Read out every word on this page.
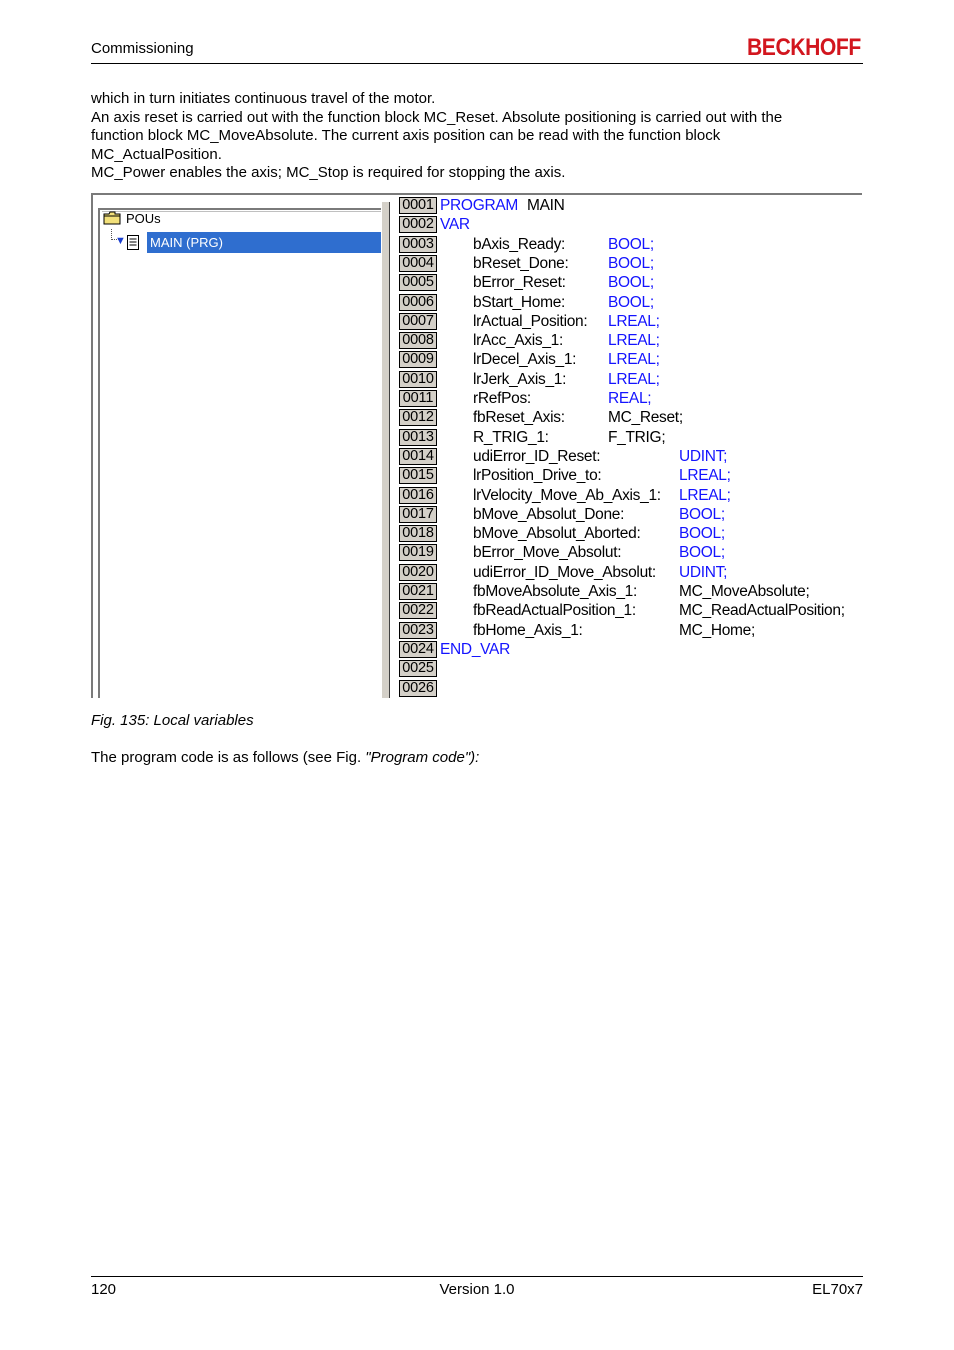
Commissioning	BECKHOFF
which in turn initiates continuous travel of the motor.
An axis reset is carried out with the function block MC_Reset. Absolute positioning is carried out with the
function block MC_MoveAbsolute. The current axis position can be read with the function block
MC_ActualPosition.
MC_Power enables the axis; MC_Stop is required for stopping the axis.
POUs
▼ MAIN (PRG)
0001 PROGRAM MAIN
0002 VAR
0003	bAxis_Ready:	BOOL;
0004	bReset_Done:	BOOL;
0005	bError_Reset:	BOOL;
0006	bStart_Home:	BOOL;
0007	lrActual_Position: LREAL;
0008	lrAcc_Axis_1:	LREAL;
0009	lrDecel_Axis_1: LREAL;
0010	lrJerk_Axis_1:	LREAL;
0011	rRefPos:	REAL;
0012	fbReset_Axis:	MC_Reset;
0013	R_TRIG_1:	F_TRIG;
0014	udiError_ID_Reset:	UDINT;
0015	lrPosition_Drive_to:	LREAL;
0016	lrVelocity_Move_Ab_Axis_1: LREAL;
0017	bMove_Absolut_Done:	BOOL;
0018	bMove_Absolut_Aborted: BOOL;
0019	bError_Move_Absolut:	BOOL;
0020	udiError_ID_Move_Absolut: UDINT;
0021	fbMoveAbsolute_Axis_1:	MC_MoveAbsolute;
0022	fbReadActualPosition_1:	MC_ReadActualPosition;
0023	fbHome_Axis_1:	MC_Home;
0024 END_VAR
0025
0026
Fig. 135: Local variables
The program code is as follows (see Fig. "Program code"):
120	Version 1.0	EL70x7
